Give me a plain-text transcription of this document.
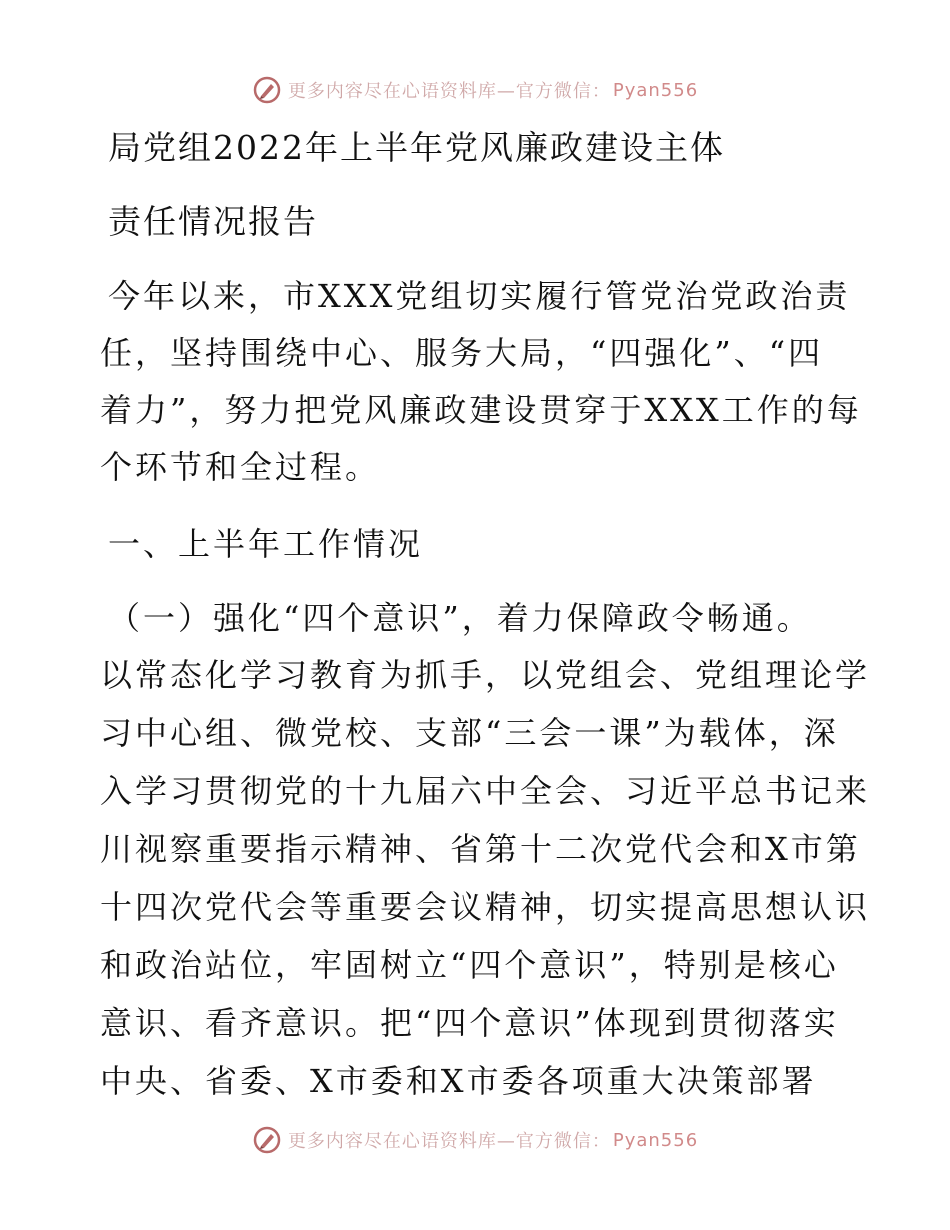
更多内容尽在心语资料库—官方微信： Pyan556
局党组2022年上半年党风廉政建设主体
责任情况报告
今年以来，市XXX党组切实履行管党治党政治责
任，坚持围绕中心、服务大局，“四强化”、“四
着力”，努力把党风廉政建设贯穿于XXX工作的每
个环节和全过程。
一、上半年工作情况
（一）强化“四个意识”，着力保障政令畅通。
以常态化学习教育为抓手，以党组会、党组理论学
习中心组、微党校、支部“三会一课”为载体，深
入学习贯彻党的十九届六中全会、习近平总书记来
川视察重要指示精神、省第十二次党代会和X市第
十四次党代会等重要会议精神，切实提高思想认识
和政治站位，牢固树立“四个意识”，特别是核心
意识、看齐意识。把“四个意识”体现到贯彻落实
中央、省委、X市委和X市委各项重大决策部署
更多内容尽在心语资料库—官方微信： Pyan556
